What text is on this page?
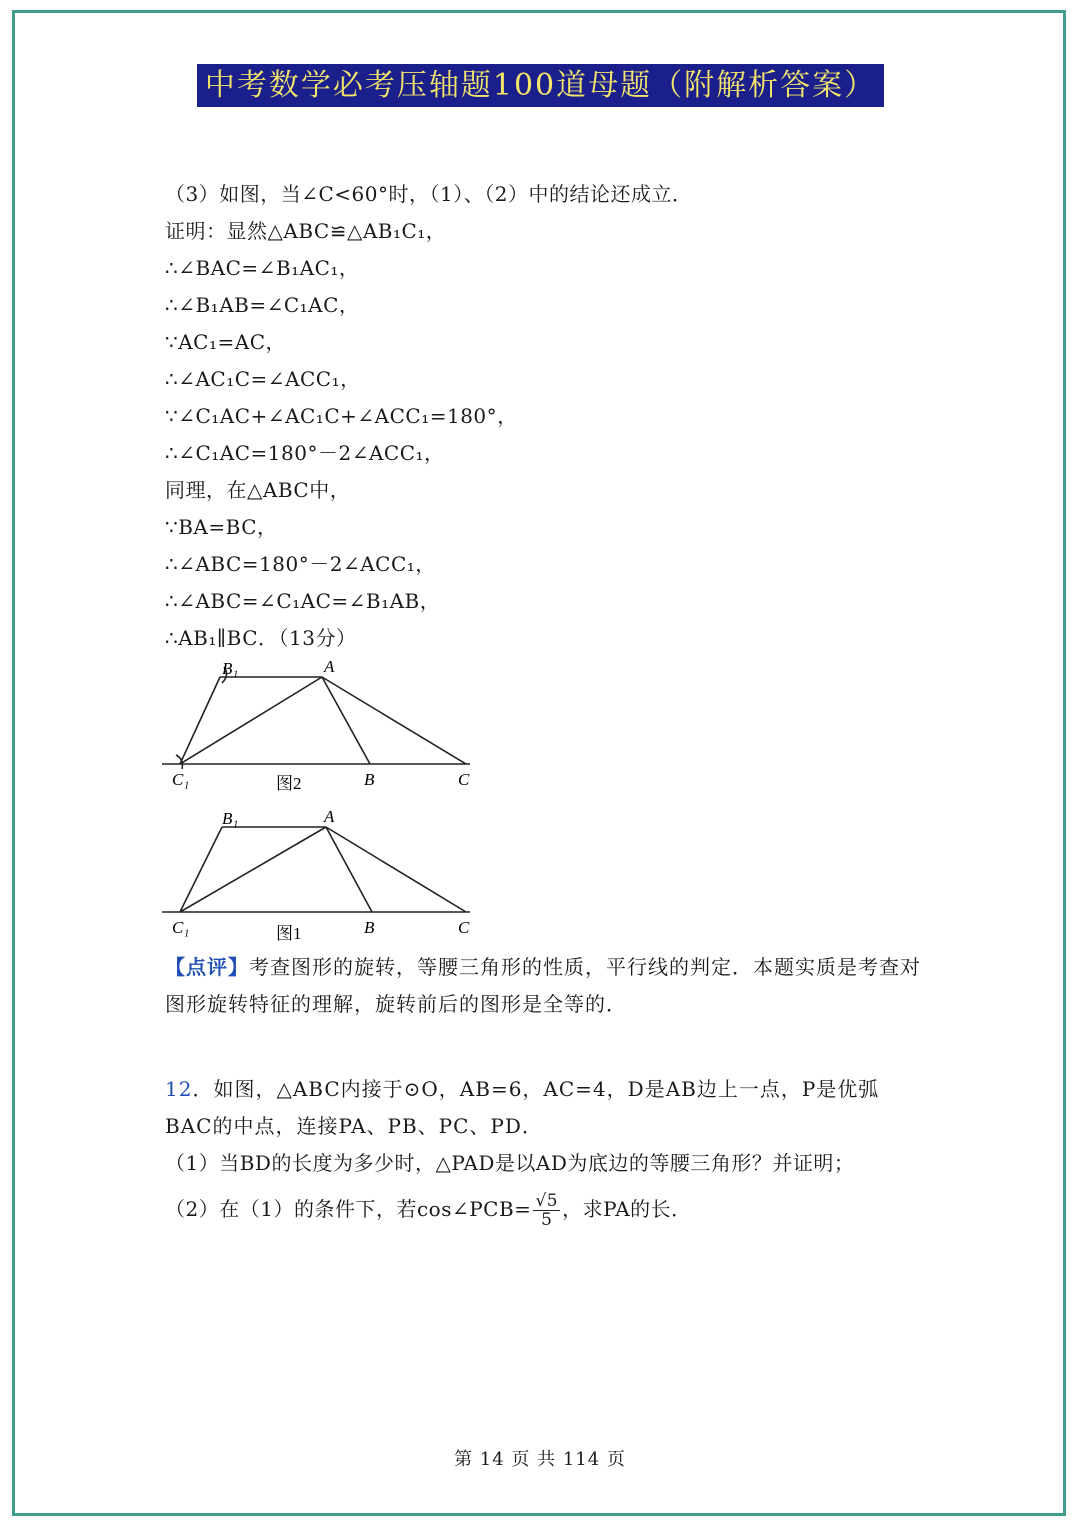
中考数学必考压轴题100道母题（附解析答案）
（3）如图，当∠C<60°时，（1）、（2）中的结论还成立．
证明：显然△ABC≌△AB₁C₁，
∴∠BAC=∠B₁AC₁，
∴∠B₁AB=∠C₁AC，
∵AC₁=AC，
∴∠AC₁C=∠ACC₁，
∵∠C₁AC+∠AC₁C+∠ACC₁=180°，
∴∠C₁AC=180°－2∠ACC₁，
同理，在△ABC中，
∵BA=BC，
∴∠ABC=180°－2∠ACC₁，
∴∠ABC=∠C₁AC=∠B₁AB，
∴AB₁∥BC．（13分）
B₁	A
C₁	图2	B	C
B₁	A
C₁	图1	B	C
【点评】考查图形的旋转，等腰三角形的性质，平行线的判定．本题实质是考查对图形旋转特征的理解，旋转前后的图形是全等的．
12．如图，△ABC内接于⊙O，AB=6，AC=4，D是AB边上一点，P是优弧BAC的中点，连接PA、PB、PC、PD．
（1）当BD的长度为多少时，△PAD是以AD为底边的等腰三角形？并证明；
（2）在（1）的条件下，若cos∠PCB= $\frac{√5}{5}$ ，求PA的长．
第 14 页 共 114 页
